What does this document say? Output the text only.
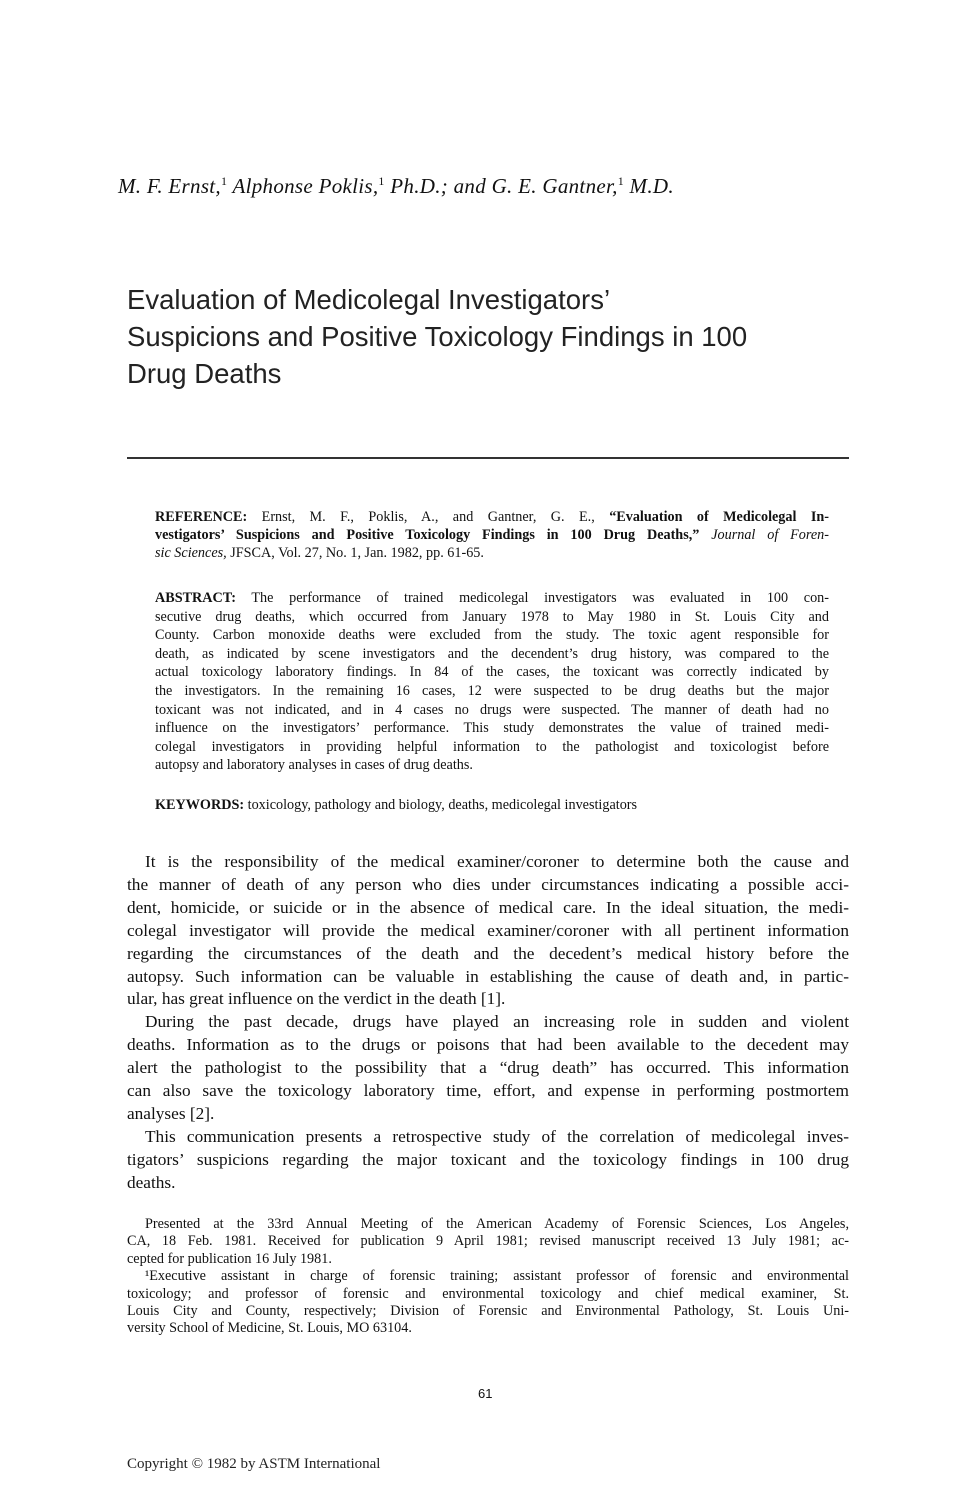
M. F. Ernst,$^1$ Alphonse Poklis,$^1$ Ph.D.; and G. E. Gantner,$^1$ M.D.
Evaluation of Medicolegal Investigators’
Suspicions and Positive Toxicology Findings in 100
Drug Deaths
REFERENCE: Ernst, M. F., Poklis, A., and Gantner, G. E., “Evaluation of Medicolegal In-
vestigators’ Suspicions and Positive Toxicology Findings in 100 Drug Deaths,” Journal of Foren-
sic Sciences, JFSCA, Vol. 27, No. 1, Jan. 1982, pp. 61-65.
ABSTRACT: The performance of trained medicolegal investigators was evaluated in 100 con-
secutive drug deaths, which occurred from January 1978 to May 1980 in St. Louis City and
County. Carbon monoxide deaths were excluded from the study. The toxic agent responsible for
death, as indicated by scene investigators and the decendent’s drug history, was compared to the
actual toxicology laboratory findings. In 84 of the cases, the toxicant was correctly indicated by
the investigators. In the remaining 16 cases, 12 were suspected to be drug deaths but the major
toxicant was not indicated, and in 4 cases no drugs were suspected. The manner of death had no
influence on the investigators’ performance. This study demonstrates the value of trained medi-
colegal investigators in providing helpful information to the pathologist and toxicologist before
autopsy and laboratory analyses in cases of drug deaths.
KEYWORDS: toxicology, pathology and biology, deaths, medicolegal investigators
It is the responsibility of the medical examiner/coroner to determine both the cause and
the manner of death of any person who dies under circumstances indicating a possible acci-
dent, homicide, or suicide or in the absence of medical care. In the ideal situation, the medi-
colegal investigator will provide the medical examiner/coroner with all pertinent information
regarding the circumstances of the death and the decedent’s medical history before the
autopsy. Such information can be valuable in establishing the cause of death and, in partic-
ular, has great influence on the verdict in the death [1].
During the past decade, drugs have played an increasing role in sudden and violent
deaths. Information as to the drugs or poisons that had been available to the decedent may
alert the pathologist to the possibility that a “drug death” has occurred. This information
can also save the toxicology laboratory time, effort, and expense in performing postmortem
analyses [2].
This communication presents a retrospective study of the correlation of medicolegal inves-
tigators’ suspicions regarding the major toxicant and the toxicology findings in 100 drug
deaths.
Presented at the 33rd Annual Meeting of the American Academy of Forensic Sciences, Los Angeles,
CA, 18 Feb. 1981. Received for publication 9 April 1981; revised manuscript received 13 July 1981; ac-
cepted for publication 16 July 1981.
¹Executive assistant in charge of forensic training; assistant professor of forensic and environmental
toxicology; and professor of forensic and environmental toxicology and chief medical examiner, St.
Louis City and County, respectively; Division of Forensic and Environmental Pathology, St. Louis Uni-
versity School of Medicine, St. Louis, MO 63104.
61
Copyright © 1982 by ASTM International
